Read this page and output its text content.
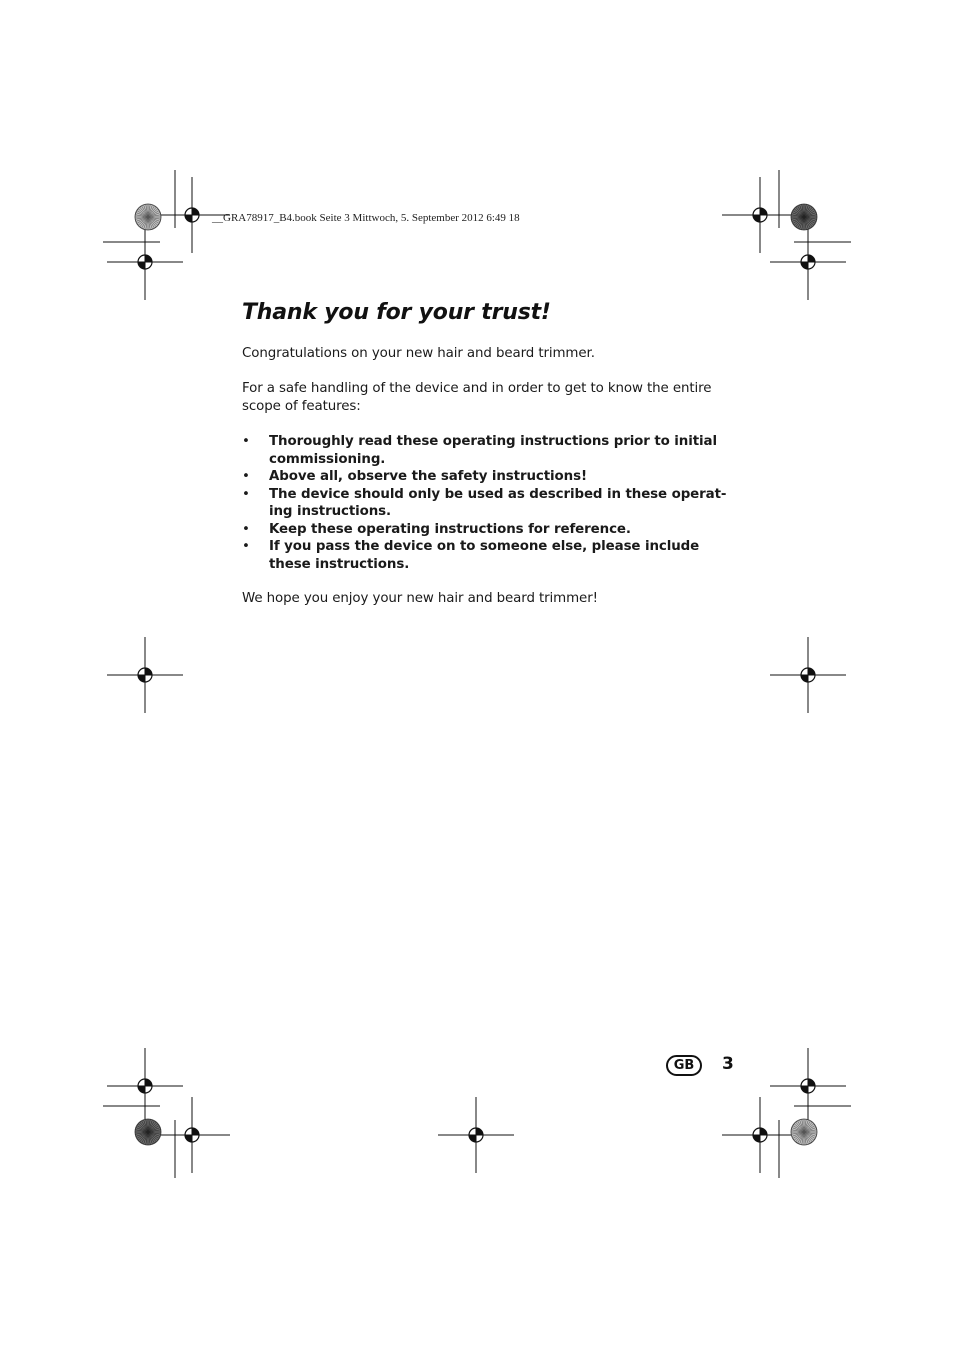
__GRA78917_B4.book Seite 3 Mittwoch, 5. September 2012 6:49 18
Thank you for your trust!

Congratulations on your new hair and beard trimmer.

For a safe handling of the device and in order to get to know the entire scope of features:

• Thoroughly read these operating instructions prior to initial commissioning.
• Above all, observe the safety instructions!
• The device should only be used as described in these operat-ing instructions.
• Keep these operating instructions for reference.
• If you pass the device on to someone else, please include these instructions.

We hope you enjoy your new hair and beard trimmer!

GB	3
